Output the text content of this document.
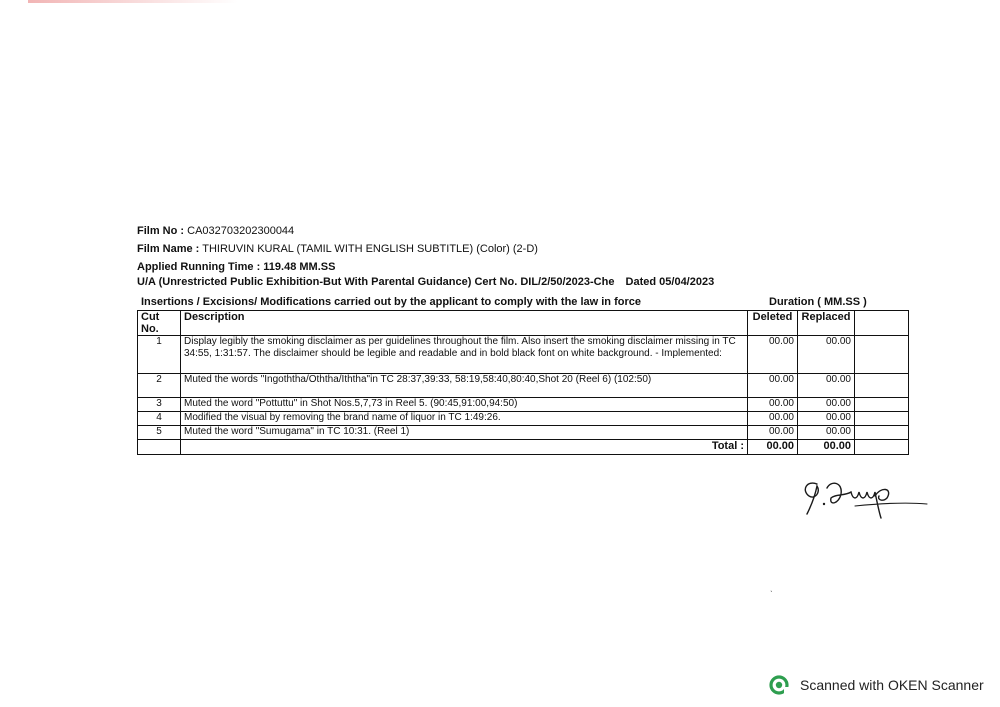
Film No : CA032703202300044
Film Name : THIRUVIN KURAL (TAMIL WITH ENGLISH SUBTITLE) (Color) (2-D)
Applied Running Time : 119.48 MM.SS
U/A (Unrestricted Public Exhibition-But With Parental Guidance) Cert No. DIL/2/50/2023-Che Dated 05/04/2023
Insertions / Excisions/ Modifications carried out by the applicant to comply with the law in force	Duration ( MM.SS )
Cut No.	Description	Deleted	Replaced	
1	Display legibly the smoking disclaimer as per guidelines throughout the film. Also insert the smoking disclaimer missing in TC 34:55, 1:31:57. The disclaimer should be legible and readable and in bold black font on white background. - Implemented:	00.00	00.00	
2	Muted the words "Ingoththa/Oththa/Iththa"in TC 28:37,39:33, 58:19,58:40,80:40,Shot 20 (Reel 6) (102:50)	00.00	00.00	
3	Muted the word "Pottuttu" in Shot Nos.5,7,73 in Reel 5. (90:45,91:00,94:50)	00.00	00.00	
4	Modified the visual by removing the brand name of liquor in TC 1:49:26.	00.00	00.00	
5	Muted the word "Sumugama" in TC 10:31. (Reel 1)	00.00	00.00	
	Total :	00.00	00.00	
ˎ
Scanned with OKEN Scanner
